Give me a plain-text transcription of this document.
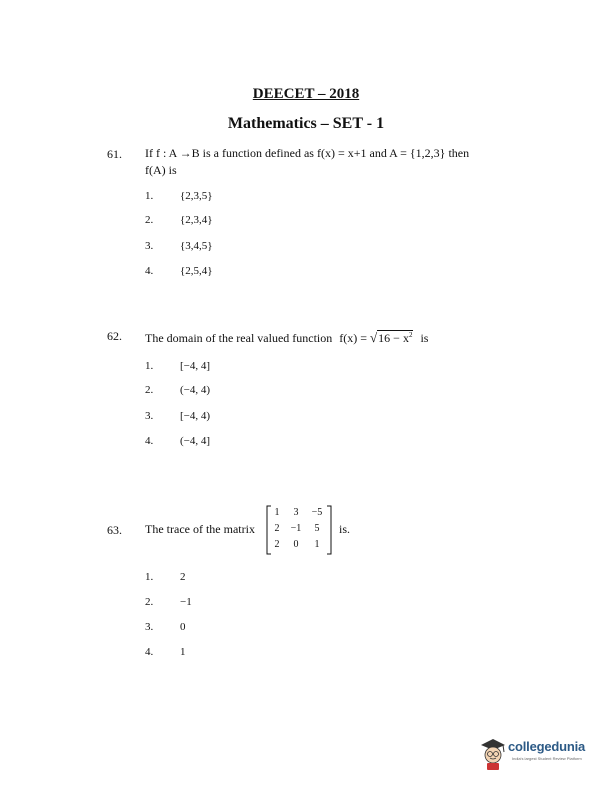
DEECET – 2018
Mathematics – SET - 1
61. If f : A →B is a function defined as f(x) = x+1 and A = {1,2,3} then
f(A) is
1. {2,3,5}
2. {2,3,4}
3. {3,4,5}
4. {2,5,4}
62. The domain of the real valued function $f(x) = √16 - x^2$ is
1. [−4, 4]
2. (−4, 4)
3. [−4, 4)
4. (−4, 4]
63. The trace of the matrix
1	3	−5
2	−1	5
2	0	1
is.
1. 2
2. −1
3. 0
4. 1
collegedunia
India's largest Student Review Platform
